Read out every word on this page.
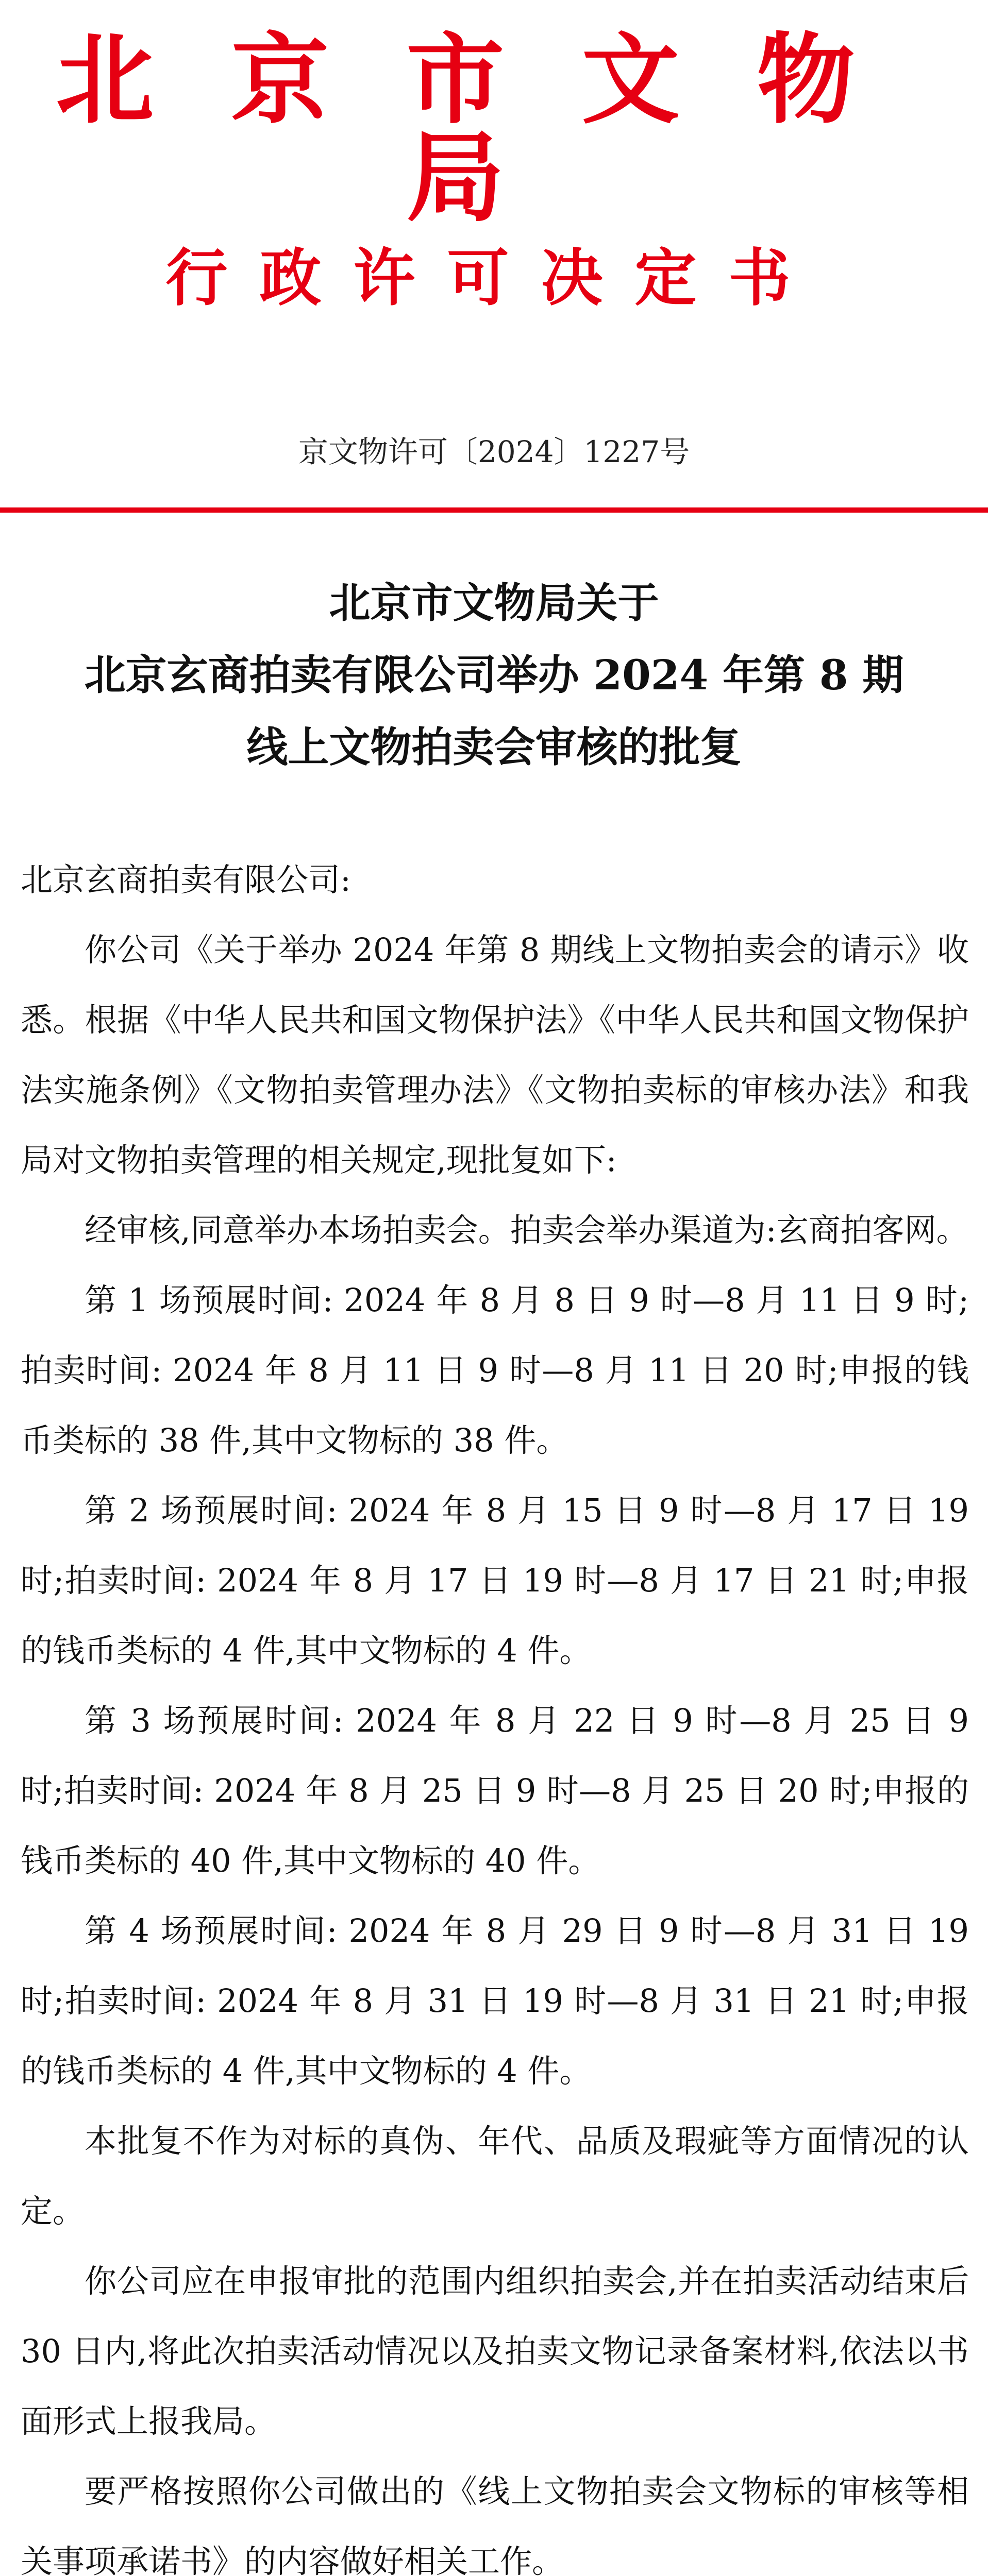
北京市文物局
行政许可决定书
京文物许可〔2024〕1227号
北京市文物局关于
北京玄商拍卖有限公司举办 2024 年第 8 期
线上文物拍卖会审核的批复

北京玄商拍卖有限公司:

你公司《关于举办 2024 年第 8 期线上文物拍卖会的请示》收悉。根据《中华人民共和国文物保护法》《中华人民共和国文物保护法实施条例》《文物拍卖管理办法》《文物拍卖标的审核办法》和我局对文物拍卖管理的相关规定,现批复如下:

经审核,同意举办本场拍卖会。拍卖会举办渠道为:玄商拍客网。

第 1 场预展时间: 2024 年 8 月 8 日 9 时—8 月 11 日 9 时;拍卖时间: 2024 年 8 月 11 日 9 时—8 月 11 日 20 时;申报的钱币类标的 38 件,其中文物标的 38 件。

第 2 场预展时间: 2024 年 8 月 15 日 9 时—8 月 17 日 19 时;拍卖时间: 2024 年 8 月 17 日 19 时—8 月 17 日 21 时;申报的钱币类标的 4 件,其中文物标的 4 件。

第 3 场预展时间: 2024 年 8 月 22 日 9 时—8 月 25 日 9 时;拍卖时间: 2024 年 8 月 25 日 9 时—8 月 25 日 20 时;申报的钱币类标的 40 件,其中文物标的 40 件。

第 4 场预展时间: 2024 年 8 月 29 日 9 时—8 月 31 日 19 时;拍卖时间: 2024 年 8 月 31 日 19 时—8 月 31 日 21 时;申报的钱币类标的 4 件,其中文物标的 4 件。

本批复不作为对标的真伪、年代、品质及瑕疵等方面情况的认定。

你公司应在申报审批的范围内组织拍卖会,并在拍卖活动结束后 30 日内,将此次拍卖活动情况以及拍卖文物记录备案材料,依法以书面形式上报我局。

要严格按照你公司做出的《线上文物拍卖会文物标的审核等相关事项承诺书》的内容做好相关工作。
